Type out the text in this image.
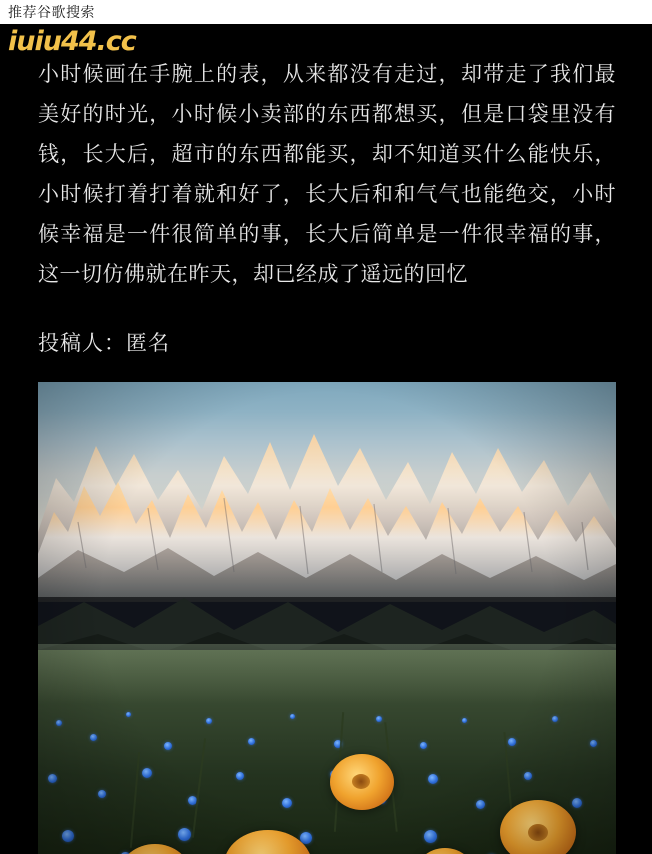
推荐谷歌搜索
iuiu44.cc
小时候画在手腕上的表，从来都没有走过，却带走了我们最美好的时光，小时候小卖部的东西都想买，但是口袋里没有钱，长大后，超市的东西都能买，却不知道买什么能快乐，小时候打着打着就和好了，长大后和和气气也能绝交，小时候幸福是一件很简单的事，长大后简单是一件很幸福的事，这一切仿佛就在昨天，却已经成了遥远的回忆
投稿人：匿名
